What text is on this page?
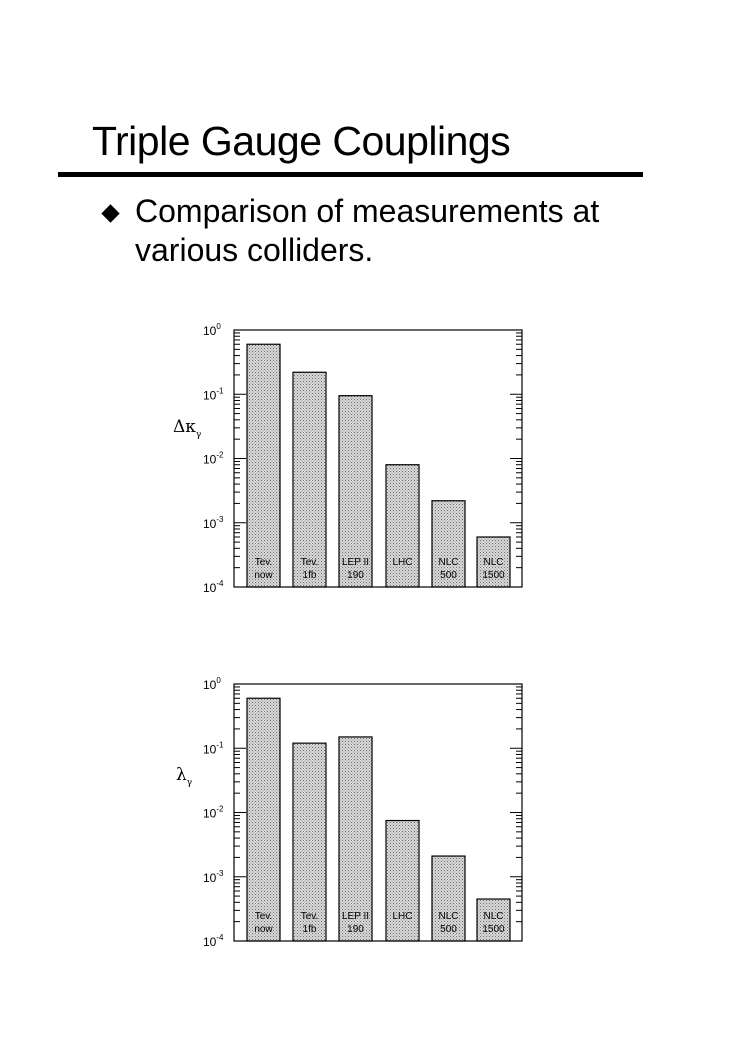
Triple Gauge Couplings
Comparison of measurements at various colliders.
$10^0$
$10^{-1}$
$10^{-2}$
$10^{-3}$
$10^{-4}$
$\Delta\kappa_\gamma$
Tev.
now
Tev.
1fb
LEP II
190
LHC	NLC
500
NLC
1500
$10^0$
$10^{-1}$
$10^{-2}$
$10^{-3}$
$10^{-4}$
$\lambda_\gamma$
Tev.
now
Tev.
1fb
LEP II
190
LHC	NLC
500
NLC
1500
